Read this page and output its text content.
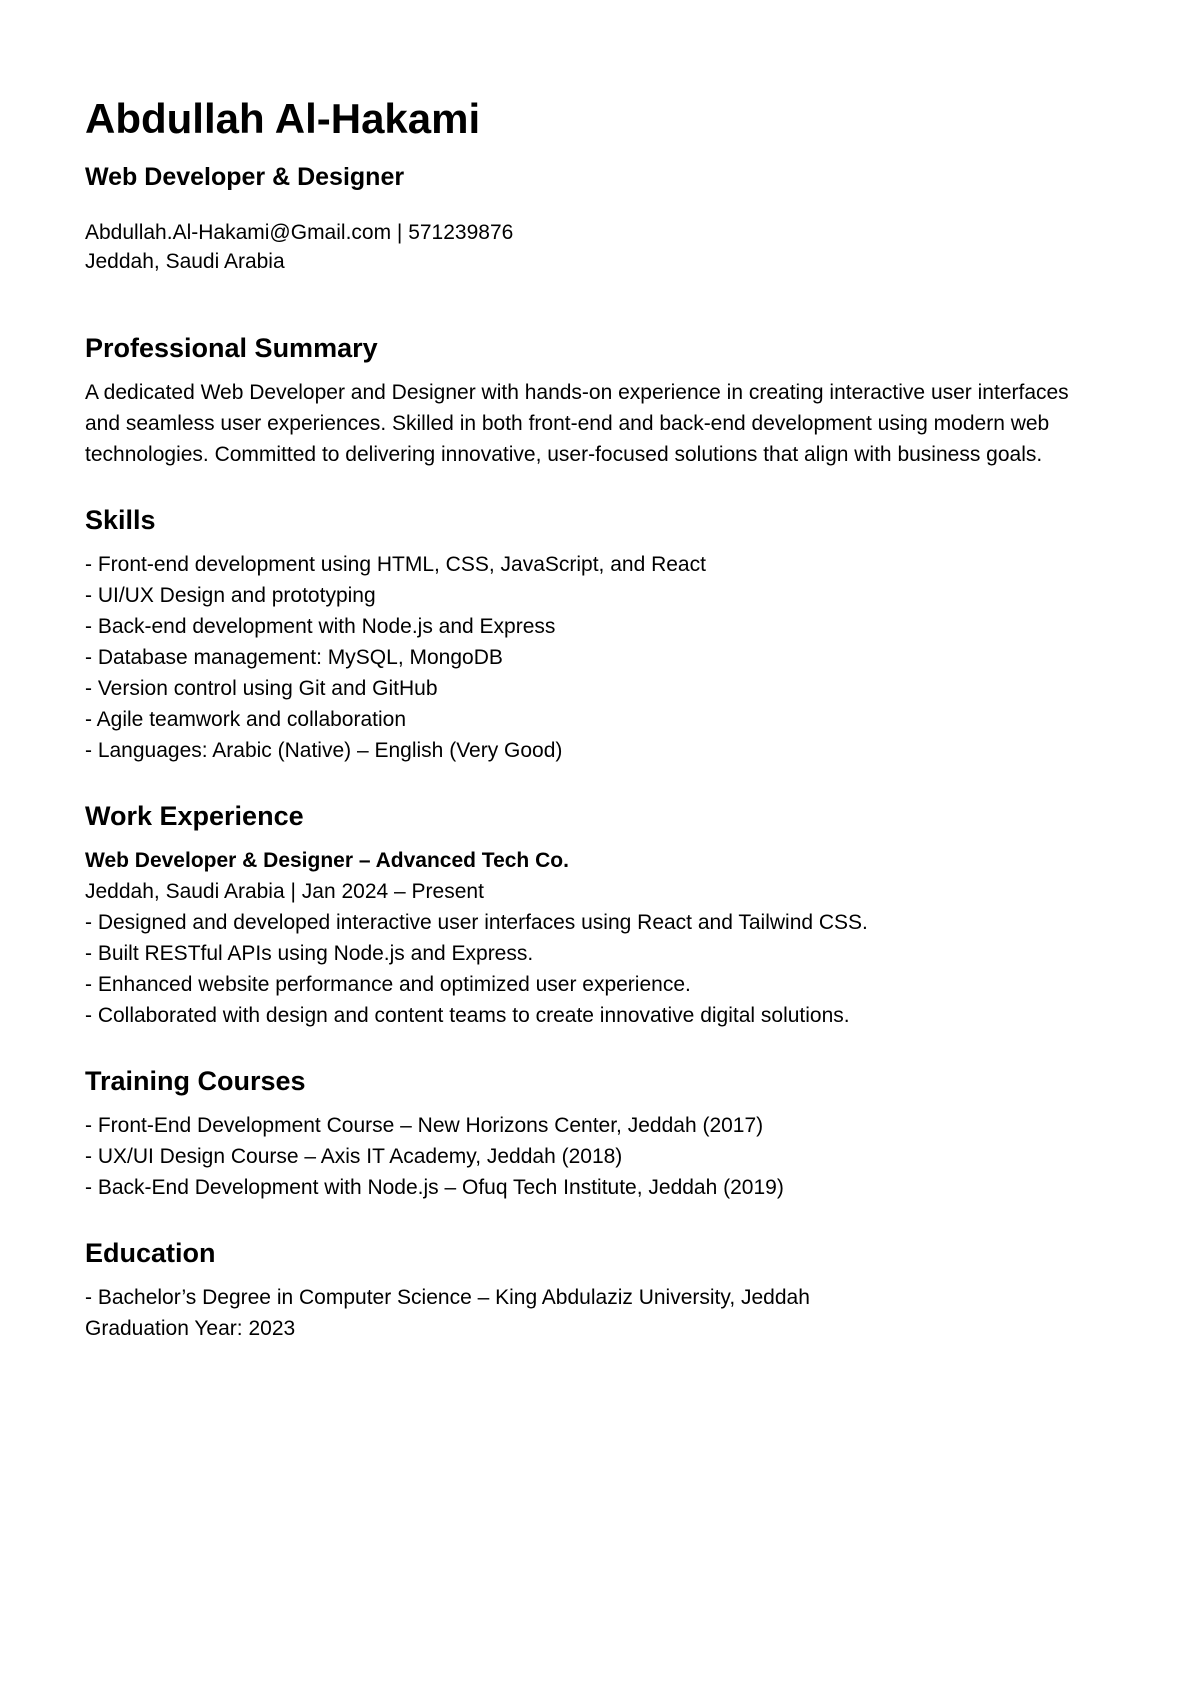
Abdullah Al-Hakami
Web Developer & Designer

Abdullah.Al-Hakami@Gmail.com | 571239876
Jeddah, Saudi Arabia

Professional Summary

A dedicated Web Developer and Designer with hands-on experience in creating interactive user interfaces and seamless user experiences. Skilled in both front-end and back-end development using modern web technologies. Committed to delivering innovative, user-focused solutions that align with business goals.

Skills

- Front-end development using HTML, CSS, JavaScript, and React

- UI/UX Design and prototyping

- Back-end development with Node.js and Express

- Database management: MySQL, MongoDB

- Version control using Git and GitHub

- Agile teamwork and collaboration

- Languages: Arabic (Native) – English (Very Good)

Work Experience

Web Developer & Designer – Advanced Tech Co.

Jeddah, Saudi Arabia | Jan 2024 – Present

- Designed and developed interactive user interfaces using React and Tailwind CSS.

- Built RESTful APIs using Node.js and Express.

- Enhanced website performance and optimized user experience.

- Collaborated with design and content teams to create innovative digital solutions.

Training Courses

- Front-End Development Course – New Horizons Center, Jeddah (2017)

- UX/UI Design Course – Axis IT Academy, Jeddah (2018)

- Back-End Development with Node.js – Ofuq Tech Institute, Jeddah (2019)

Education

- Bachelor’s Degree in Computer Science – King Abdulaziz University, Jeddah

Graduation Year: 2023
